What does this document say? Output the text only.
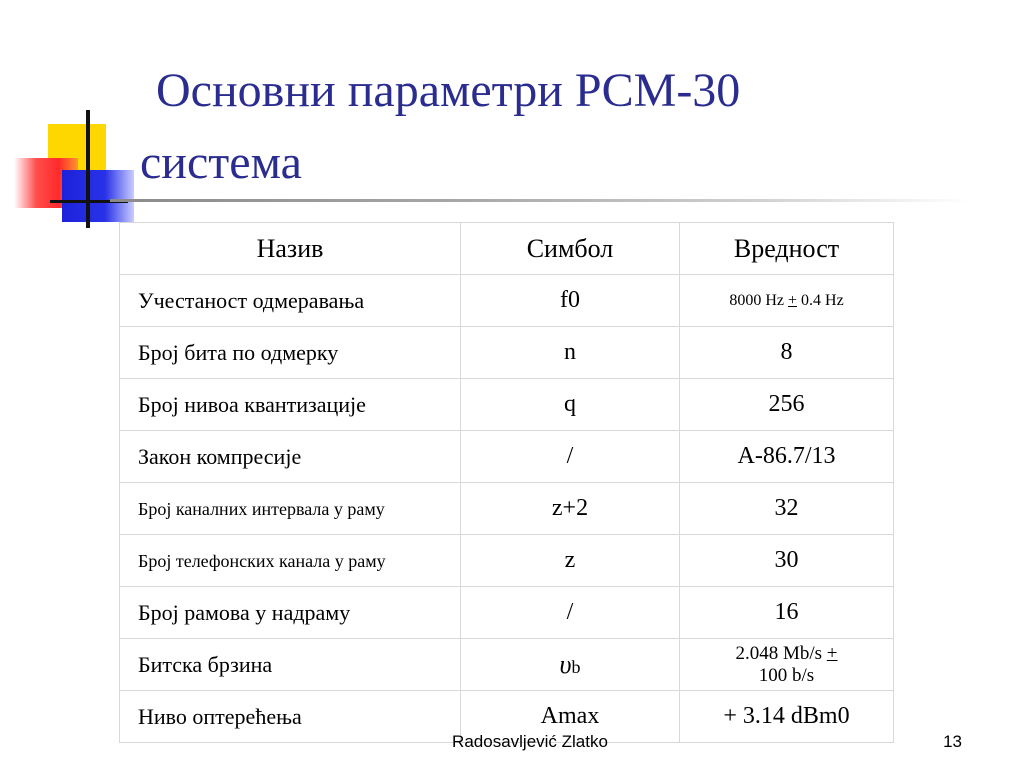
Основни параметри PCM-30
система
Назив	Симбол	Вредност
Учестаност одмеравања	f0	8000 Hz + 0.4 Hz
Број бита по одмерку	n	8
Број нивоа квантизације	q	256
Закон компресије	/	A-86.7/13
Број каналних интервала у раму	z+2	32
Број телефонских канала у раму	z	30
Број рамова у надраму	/	16
Битска брзина	υb	2.048 Mb/s +
100 b/s
Ниво оптерећења	Amax	+ 3.14 dBm0
Radosavljević Zlatko	13
